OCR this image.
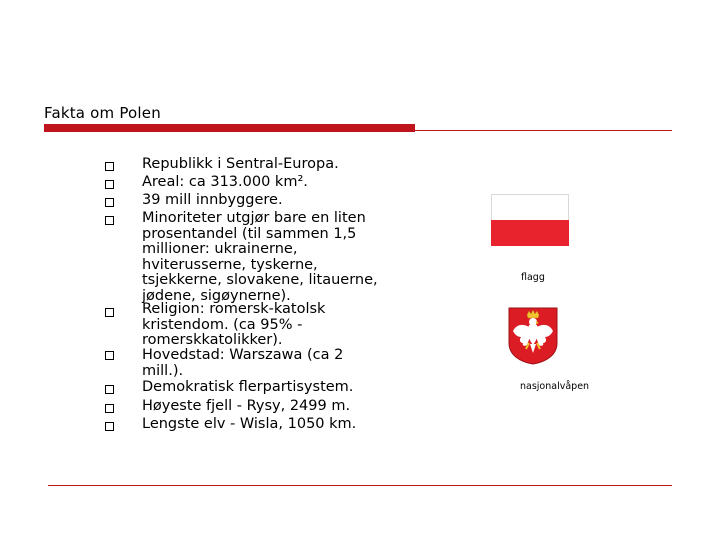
Fakta om Polen
Republikk i Sentral-Europa.
Areal: ca 313.000 km².
39 mill innbyggere.
Minoriteter utgjør bare en liten prosentandel (til sammen 1,5 millioner: ukrainerne, hviterusserne, tyskerne, tsjekkerne, slovakene, litauerne, jødene, sigøynerne).
Religion: romersk-katolsk kristendom. (ca 95% - romerskkatolikker).
Hovedstad: Warszawa (ca 2 mill.).
Demokratisk flerpartisystem.
Høyeste fjell - Rysy, 2499 m.
Lengste elv - Wisla, 1050 km.
flagg
nasjonalvåpen
